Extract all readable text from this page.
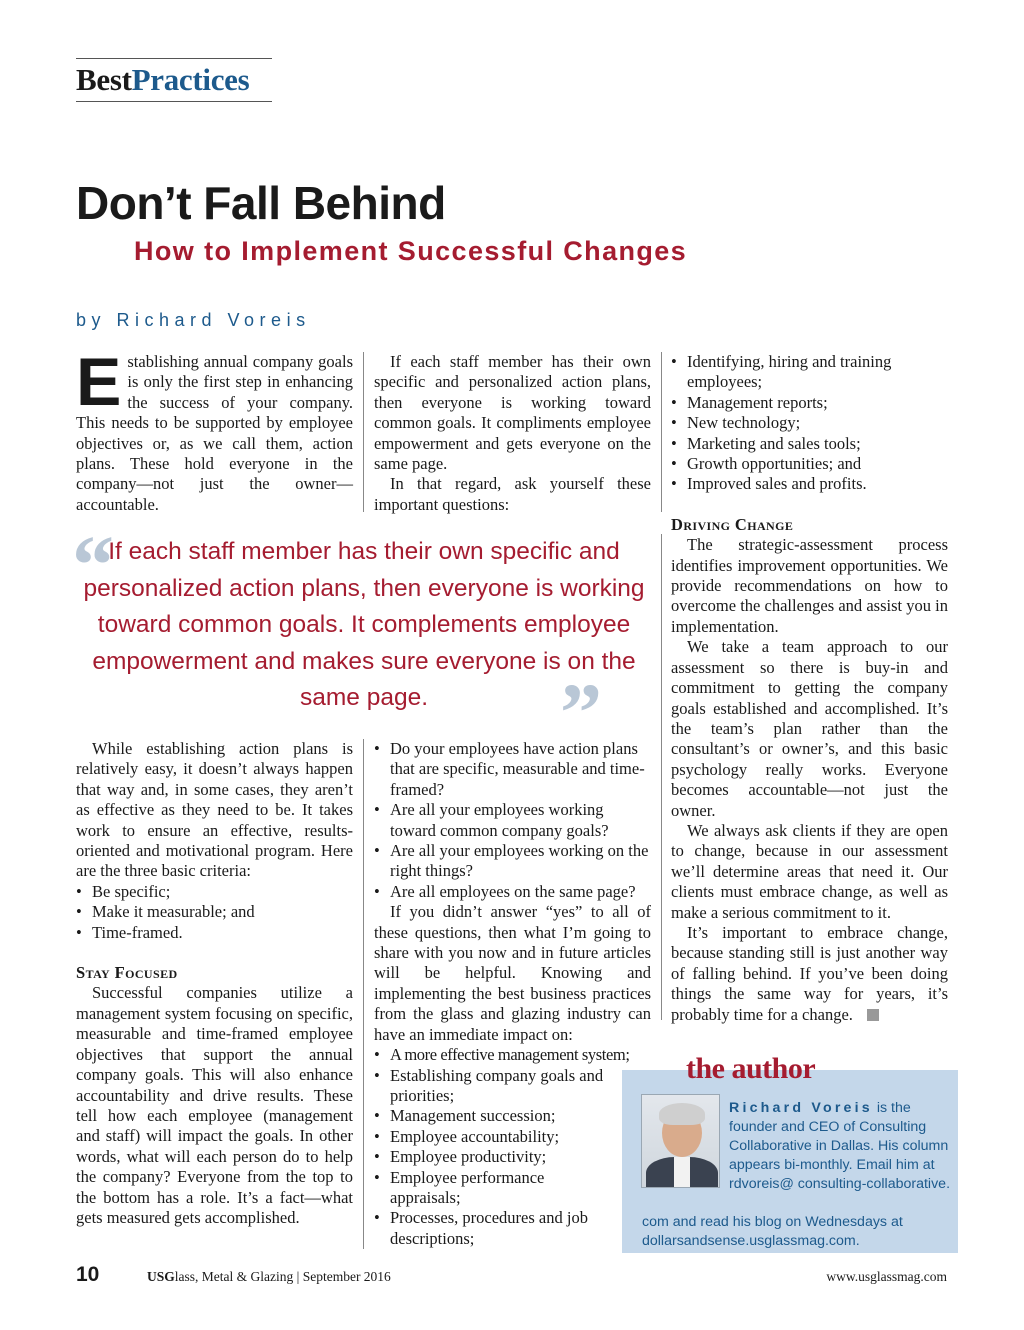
BestPractices
Don’t Fall Behind
How to Implement Successful Changes
by Richard Voreis

Establishing annual company goals is only the first step in enhancing the success of your company. This needs to be supported by employee objectives or, as we call them, action plans. These hold everyone in the company—not just the owner—accountable.

If each staff member has their own specific and personalized action plans, then everyone is working toward common goals. It compliments employee empowerment and gets everyone on the same page.

In that regard, ask yourself these important questions:

• Identifying, hiring and training employees;
• Management reports;
• New technology;
• Marketing and sales tools;
• Growth opportunities; and
• Improved sales and profits.

Driving Change

The strategic-assessment process identifies improvement opportunities. We provide recommendations on how to overcome the challenges and assist you in implementation.

We take a team approach to our assessment so there is buy-in and commitment to getting the company goals established and accomplished. It’s the team’s plan rather than the consultant’s or owner’s, and this basic psychology really works. Everyone becomes accountable—not just the owner.

We always ask clients if they are open to change, because in our assessment we’ll determine areas that need it. Our clients must embrace change, as well as make a serious commitment to it.

It’s important to embrace change, because standing still is just another way of falling behind. If you’ve been doing things the same way for years, it’s probably time for a change.

“
If each staff member has their own specific and personalized action plans, then everyone is working toward common goals. It complements employee empowerment and makes sure everyone is on the same page.	”

While establishing action plans is relatively easy, it doesn’t always happen that way and, in some cases, they aren’t as effective as they need to be. It takes work to ensure an effective, results-oriented and motivational program. Here are the three basic criteria:

• Be specific;
• Make it measurable; and
• Time-framed.

Stay Focused

Successful companies utilize a management system focusing on specific, measurable and time-framed employee objectives that support the annual company goals. This will also enhance accountability and drive results. These tell how each employee (management and staff) will impact the goals. In other words, what will each person do to help the company? Everyone from the top to the bottom has a role. It’s a fact—what gets measured gets accomplished.

• Do your employees have action plans that are specific, measurable and time-framed?
• Are all your employees working toward common company goals?
• Are all your employees working on the right things?
• Are all employees on the same page?

If you didn’t answer “yes” to all of these questions, then what I’m going to share with you now and in future articles will be helpful. Knowing and implementing the best business practices from the glass and glazing industry can have an immediate impact on:

• A more effective management system;
• Establishing company goals and priorities;
• Management succession;
• Employee accountability;
• Employee productivity;
• Employee performance appraisals;
• Processes, procedures and job descriptions;
the author
Richard Voreis is the founder and CEO of Consulting Collaborative in Dallas. His column appears bi-monthly. Email him at rdvoreis@ consulting-collaborative.
com and read his blog on Wednesdays at dollarsandsense.usglassmag.com.
10	USGlass, Metal & Glazing | September 2016	www.usglassmag.com
